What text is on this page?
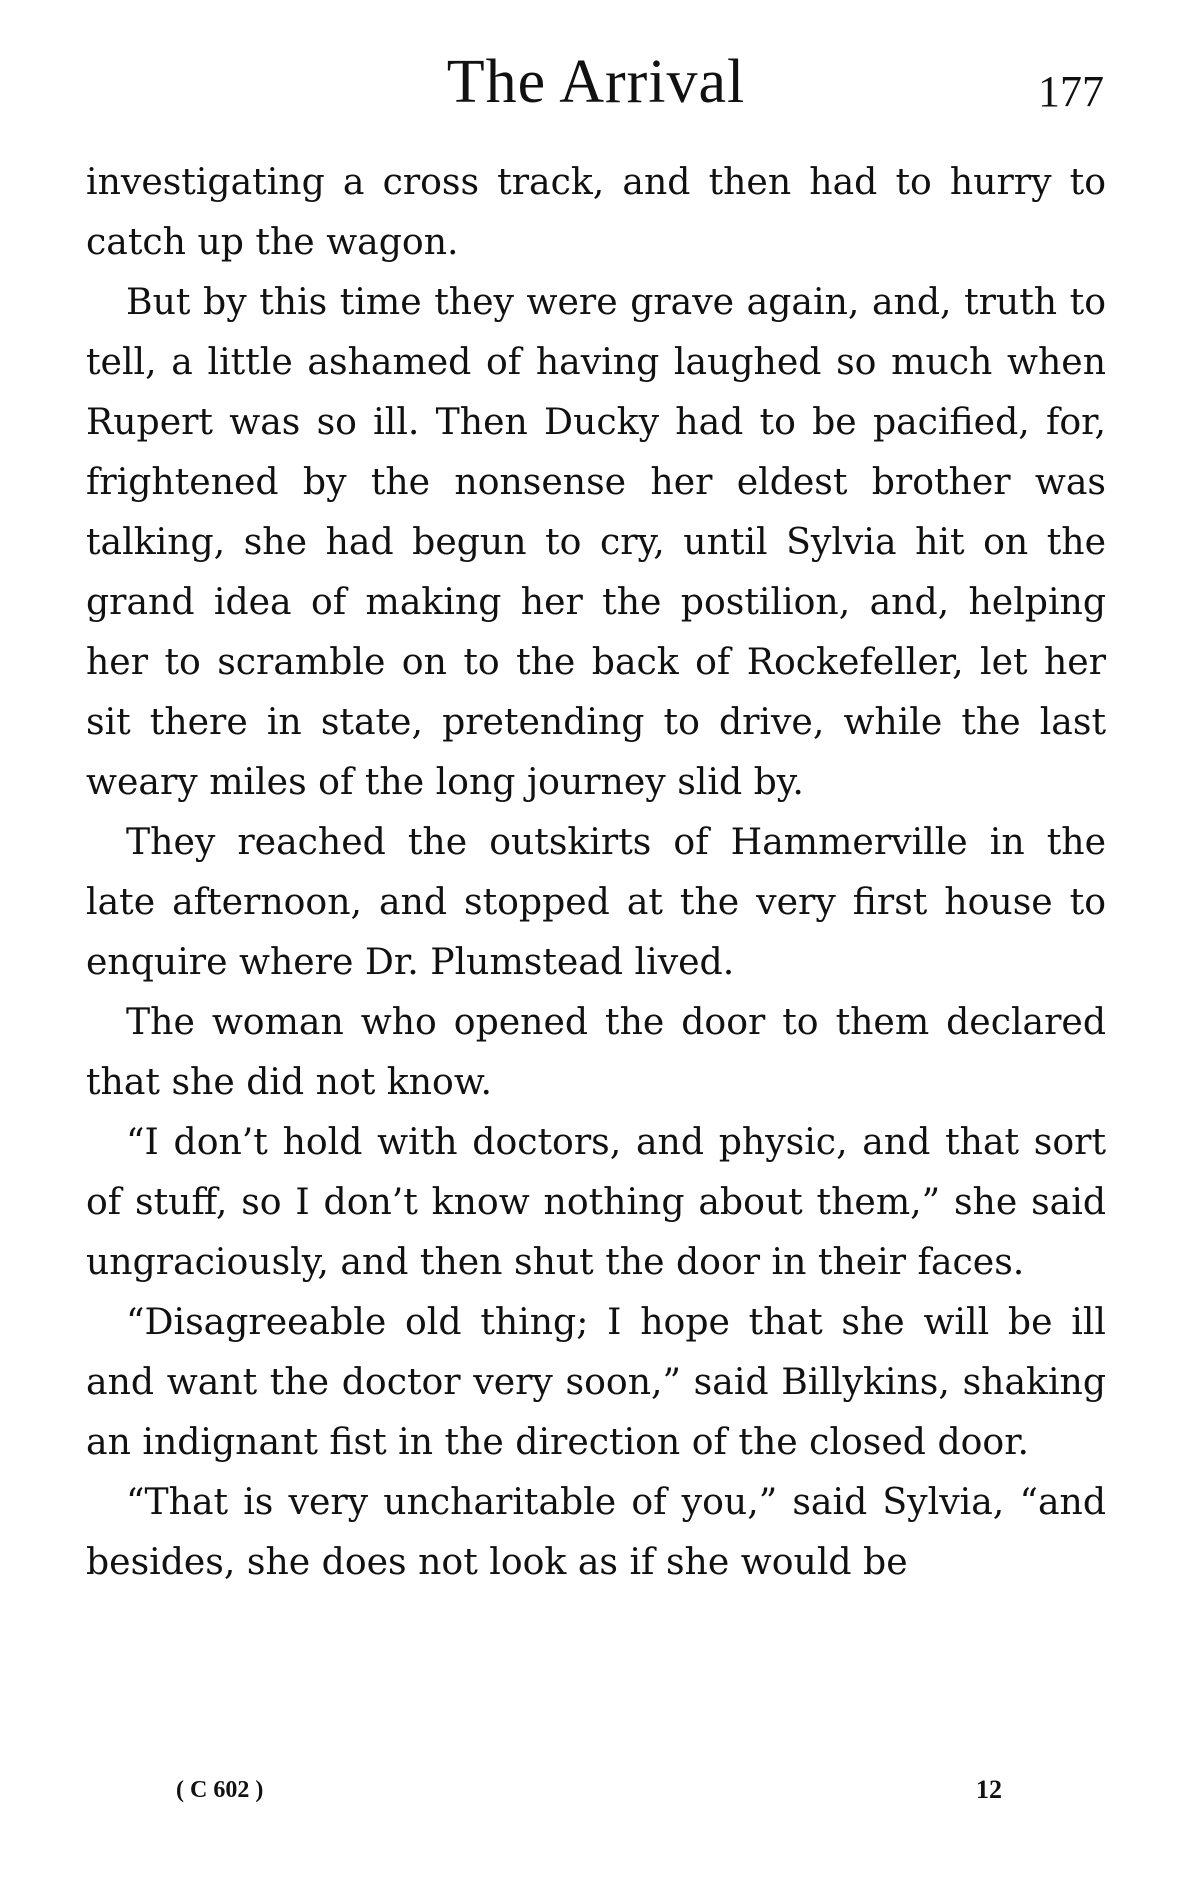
The Arrival	177

investigating a cross track, and then had to hurry to catch up the wagon.

But by this time they were grave again, and, truth to tell, a little ashamed of having laughed so much when Rupert was so ill. Then Ducky had to be pacified, for, frightened by the nonsense her eldest brother was talking, she had begun to cry, until Sylvia hit on the grand idea of making her the postilion, and, helping her to scramble on to the back of Rockefeller, let her sit there in state, pretending to drive, while the last weary miles of the long journey slid by.

They reached the outskirts of Hammerville in the late afternoon, and stopped at the very first house to enquire where Dr. Plumstead lived.

The woman who opened the door to them declared that she did not know.

“I don’t hold with doctors, and physic, and that sort of stuff, so I don’t know nothing about them,” she said ungraciously, and then shut the door in their faces.

“Disagreeable old thing; I hope that she will be ill and want the doctor very soon,” said Billykins, shaking an indignant fist in the direction of the closed door.

“That is very uncharitable of you,” said Sylvia, “and besides, she does not look as if she would be

( C 602 )	12
